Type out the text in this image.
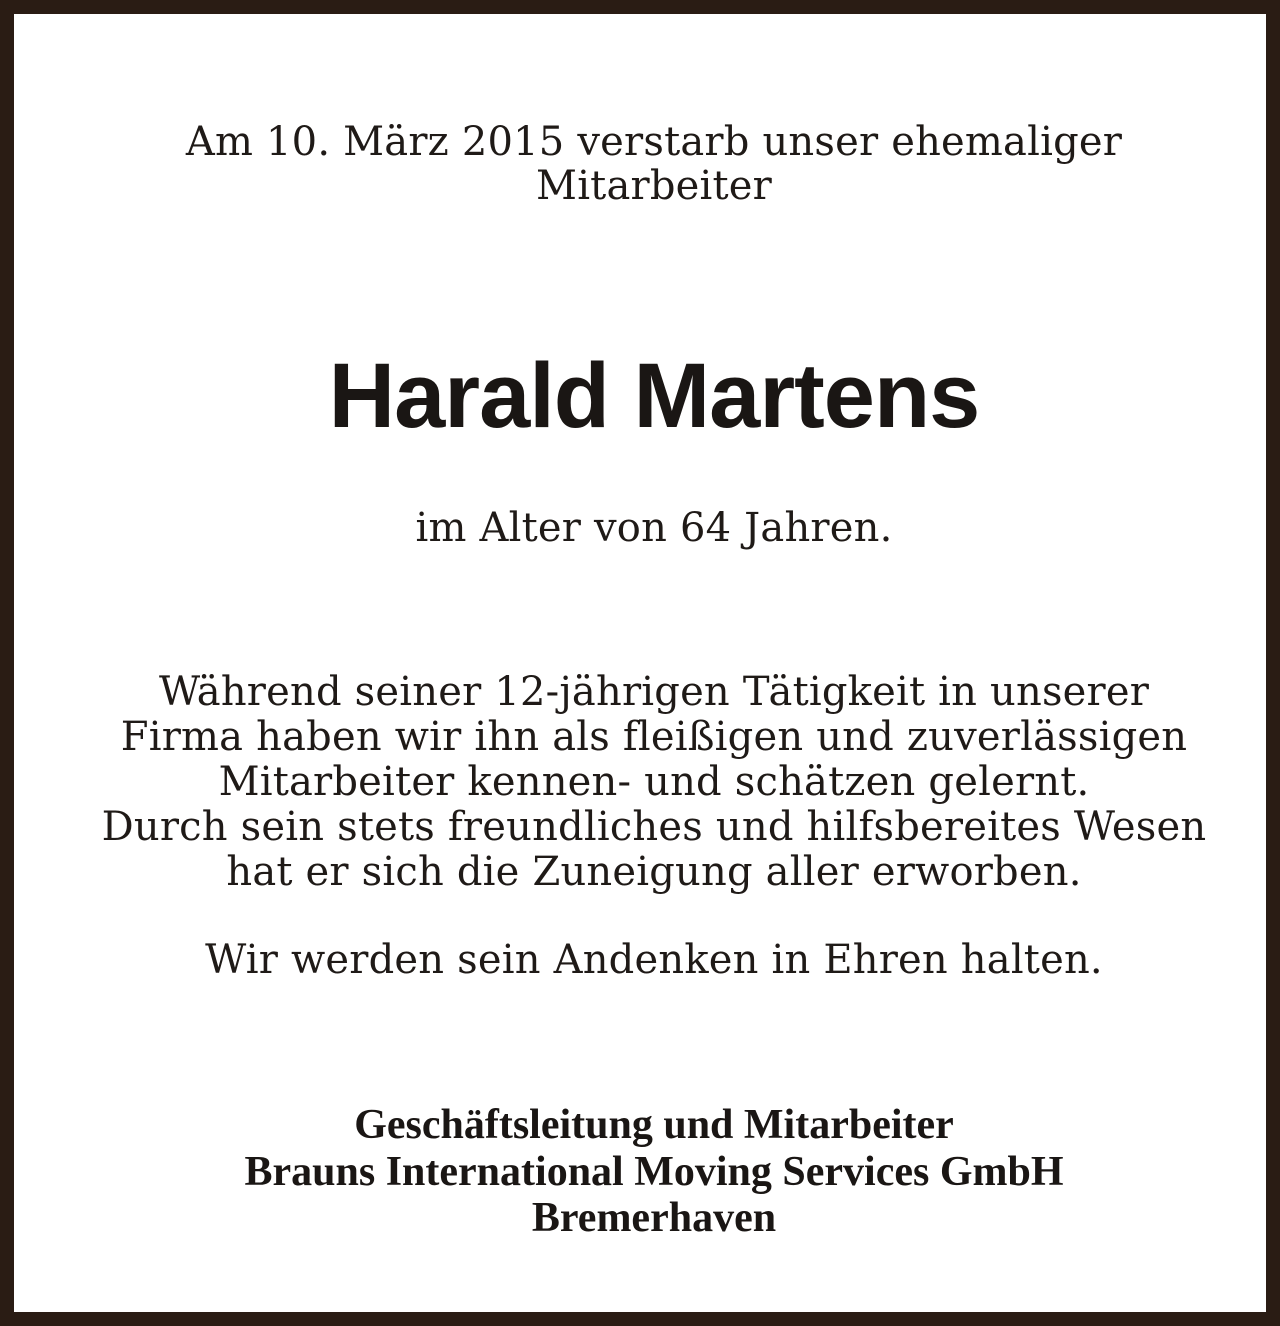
Am 10. März 2015 verstarb unser ehemaliger

Mitarbeiter

Harald Martens

im Alter von 64 Jahren.

Während seiner 12-jährigen Tätigkeit in unserer

Firma haben wir ihn als fleißigen und zuverlässigen

Mitarbeiter kennen- und schätzen gelernt.

Durch sein stets freundliches und hilfsbereites Wesen

hat er sich die Zuneigung aller erworben.

Wir werden sein Andenken in Ehren halten.

Geschäftsleitung und Mitarbeiter

Brauns International Moving Services GmbH

Bremerhaven
